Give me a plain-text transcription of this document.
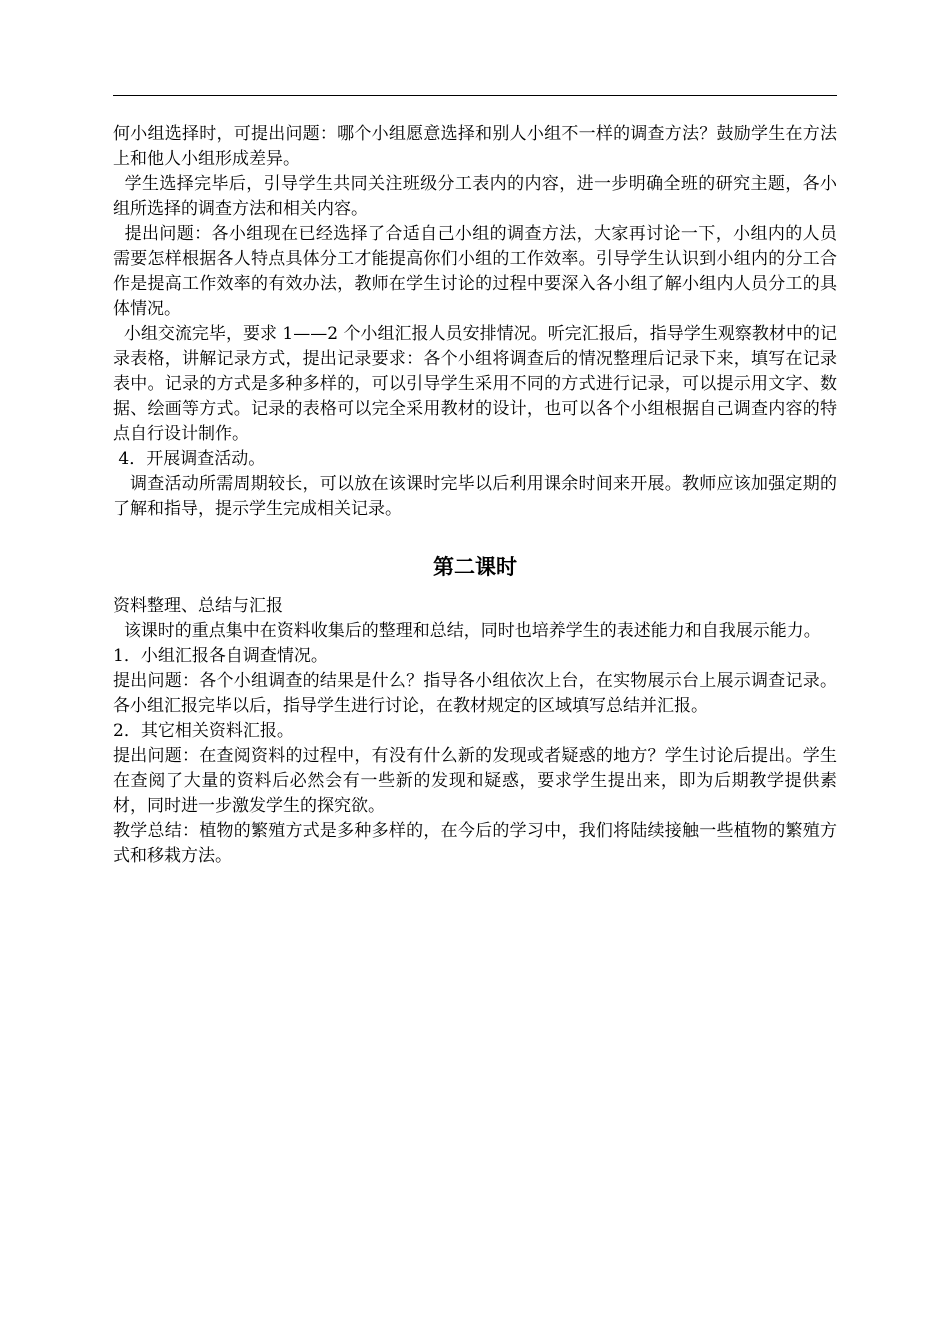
何小组选择时，可提出问题：哪个小组愿意选择和别人小组不一样的调查方法？鼓励学生在方法上和他人小组形成差异。

学生选择完毕后，引导学生共同关注班级分工表内的内容，进一步明确全班的研究主题，各小组所选择的调查方法和相关内容。

提出问题：各小组现在已经选择了合适自己小组的调查方法，大家再讨论一下，小组内的人员需要怎样根据各人特点具体分工才能提高你们小组的工作效率。引导学生认识到小组内的分工合作是提高工作效率的有效办法，教师在学生讨论的过程中要深入各小组了解小组内人员分工的具体情况。

小组交流完毕，要求 1——2 个小组汇报人员安排情况。听完汇报后，指导学生观察教材中的记录表格，讲解记录方式，提出记录要求：各个小组将调查后的情况整理后记录下来，填写在记录表中。记录的方式是多种多样的，可以引导学生采用不同的方式进行记录，可以提示用文字、数据、绘画等方式。记录的表格可以完全采用教材的设计，也可以各个小组根据自己调查内容的特点自行设计制作。

4．开展调查活动。

调查活动所需周期较长，可以放在该课时完毕以后利用课余时间来开展。教师应该加强定期的了解和指导，提示学生完成相关记录。

第二课时

资料整理、总结与汇报

该课时的重点集中在资料收集后的整理和总结，同时也培养学生的表述能力和自我展示能力。

1．小组汇报各自调查情况。

提出问题：各个小组调查的结果是什么？指导各小组依次上台，在实物展示台上展示调查记录。各小组汇报完毕以后，指导学生进行讨论，在教材规定的区域填写总结并汇报。

2．其它相关资料汇报。

提出问题：在查阅资料的过程中，有没有什么新的发现或者疑惑的地方？学生讨论后提出。学生在查阅了大量的资料后必然会有一些新的发现和疑惑，要求学生提出来，即为后期教学提供素材，同时进一步激发学生的探究欲。

教学总结：植物的繁殖方式是多种多样的，在今后的学习中，我们将陆续接触一些植物的繁殖方式和移栽方法。
